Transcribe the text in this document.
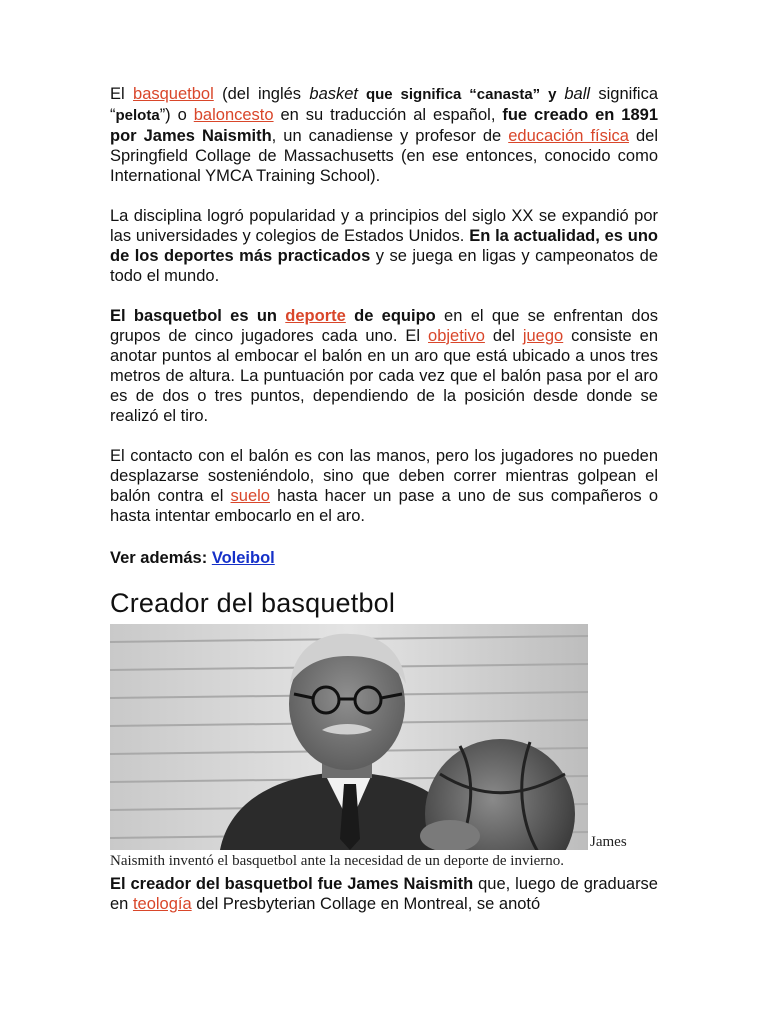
El basquetbol (del inglés basket que significa “canasta” y ball significa “pelota”) o baloncesto en su traducción al español, fue creado en 1891 por James Naismith, un canadiense y profesor de educación física del Springfield Collage de Massachusetts (en ese entonces, conocido como International YMCA Training School).

La disciplina logró popularidad y a principios del siglo XX se expandió por las universidades y colegios de Estados Unidos. En la actualidad, es uno de los deportes más practicados y se juega en ligas y campeonatos de todo el mundo.

El basquetbol es un deporte de equipo en el que se enfrentan dos grupos de cinco jugadores cada uno. El objetivo del juego consiste en anotar puntos al embocar el balón en un aro que está ubicado a unos tres metros de altura. La puntuación por cada vez que el balón pasa por el aro es de dos o tres puntos, dependiendo de la posición desde donde se realizó el tiro.

El contacto con el balón es con las manos, pero los jugadores no pueden desplazarse sosteniéndolo, sino que deben correr mientras golpean el balón contra el suelo hasta hacer un pase a uno de sus compañeros o hasta intentar embocarlo en el aro.

Ver además: Voleibol

Creador del basquetbol

James

Naismith inventó el basquetbol ante la necesidad de un deporte de invierno.

El creador del basquetbol fue James Naismith que, luego de graduarse en teología del Presbyterian Collage en Montreal, se anotó
